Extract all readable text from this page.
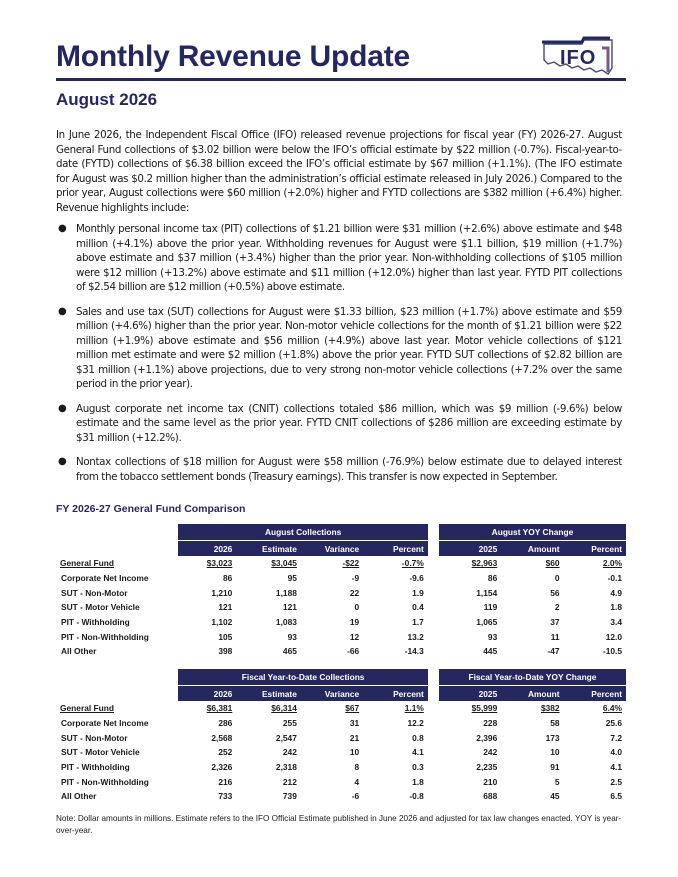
Monthly Revenue Update	IFO
August 2026
In June 2026, the Independent Fiscal Office (IFO) released revenue projections for fiscal year (FY) 2026-27. August General Fund collections of $3.02 billion were below the IFO’s official estimate by $22 million (-0.7%). Fiscal-year-to-date (FYTD) collections of $6.38 billion exceed the IFO’s official estimate by $67 million (+1.1%). (The IFO estimate for August was $0.2 million higher than the administration’s official estimate released in July 2026.) Compared to the prior year, August collections were $60 million (+2.0%) higher and FYTD collections are $382 million (+6.4%) higher. Revenue highlights include:
● Monthly personal income tax (PIT) collections of $1.21 billion were $31 million (+2.6%) above estimate and $48 million (+4.1%) above the prior year. Withholding revenues for August were $1.1 billion, $19 million (+1.7%) above estimate and $37 million (+3.4%) higher than the prior year. Non-withholding collections of $105 million were $12 million (+13.2%) above estimate and $11 million (+12.0%) higher than last year. FYTD PIT collections of $2.54 billion are $12 million (+0.5%) above estimate.
● Sales and use tax (SUT) collections for August were $1.33 billion, $23 million (+1.7%) above estimate and $59 million (+4.6%) higher than the prior year. Non-motor vehicle collections for the month of $1.21 billion were $22 million (+1.9%) above estimate and $56 million (+4.9%) above last year. Motor vehicle collections of $121 million met estimate and were $2 million (+1.8%) above the prior year. FYTD SUT collections of $2.82 billion are $31 million (+1.1%) above projections, due to very strong non-motor vehicle collections (+7.2% over the same period in the prior year).
● August corporate net income tax (CNIT) collections totaled $86 million, which was $9 million (-9.6%) below estimate and the same level as the prior year. FYTD CNIT collections of $286 million are exceeding estimate by $31 million (+12.2%).
● Nontax collections of $18 million for August were $58 million (-76.9%) below estimate due to delayed interest from the tobacco settlement bonds (Treasury earnings). This transfer is now expected in September.
FY 2026-27 General Fund Comparison
	August Collections					August YOY Change		
	2026	Estimate	Variance	Percent		2025	Amount	Percent
General Fund	$3,023	$3,045	-$22	-0.7%		$2,963	$60	2.0%
Corporate Net Income	86	95	-9	-9.6		86	0	-0.1
SUT - Non-Motor	1,210	1,188	22	1.9		1,154	56	4.9
SUT - Motor Vehicle	121	121	0	0.4		119	2	1.8
PIT - Withholding	1,102	1,083	19	1.7		1,065	37	3.4
PIT - Non-Withholding	105	93	12	13.2		93	11	12.0
All Other	398	465	-66	-14.3		445	-47	-10.5
	Fiscal Year-to-Date Collections					Fiscal Year-to-Date YOY Change		
	2026	Estimate	Variance	Percent		2025	Amount	Percent
General Fund	$6,381	$6,314	$67	1.1%		$5,999	$382	6.4%
Corporate Net Income	286	255	31	12.2		228	58	25.6
SUT - Non-Motor	2,568	2,547	21	0.8		2,396	173	7.2
SUT - Motor Vehicle	252	242	10	4.1		242	10	4.0
PIT - Withholding	2,326	2,318	8	0.3		2,235	91	4.1
PIT - Non-Withholding	216	212	4	1.8		210	5	2.5
All Other	733	739	-6	-0.8		688	45	6.5
Note: Dollar amounts in millions. Estimate refers to the IFO Official Estimate published in June 2026 and adjusted for tax law changes enacted. YOY is year-over-year.
